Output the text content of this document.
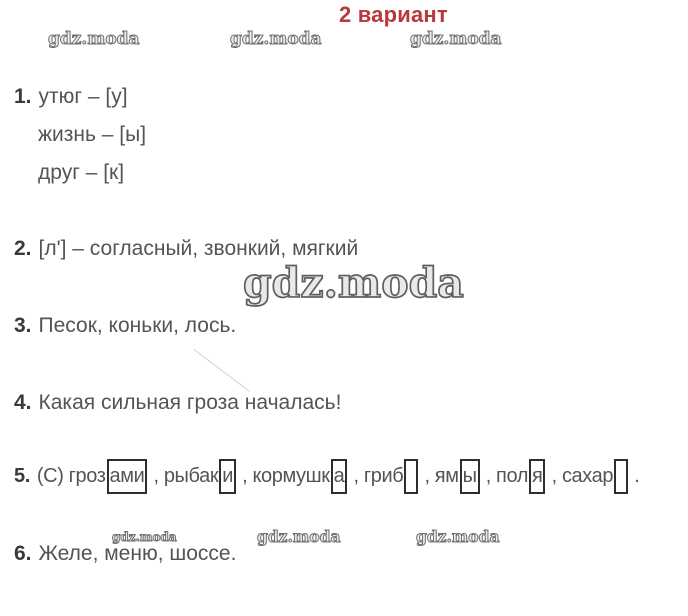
2 вариант
gdz.moda	gdz.moda	gdz.moda
1. утюг – [у]
жизнь – [ы]
друг – [к]
2. [л'] – согласный, звонкий, мягкий
gdz.moda
3. Песок, коньки, лось.
4. Какая сильная гроза началась!
5. (С) гроз ами , рыбак и , кормушк а , гриб , ям ы , пол я , сахар .
gdz.moda	gdz.moda	gdz.moda
6. Желе, меню, шоссе.
